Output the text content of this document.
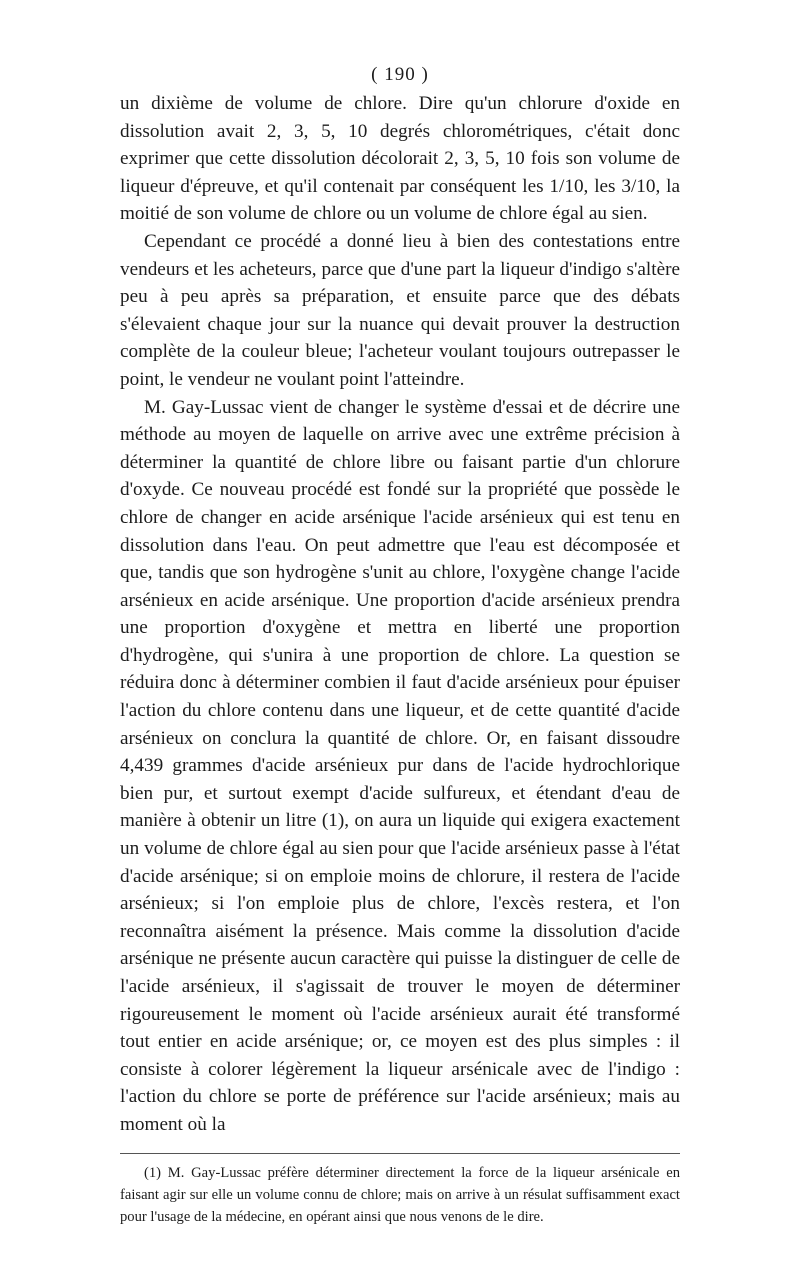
( 190 )

un dixième de volume de chlore. Dire qu'un chlorure d'oxide en dissolution avait 2, 3, 5, 10 degrés chlorométriques, c'était donc exprimer que cette dissolution décolorait 2, 3, 5, 10 fois son volume de liqueur d'épreuve, et qu'il contenait par conséquent les 1/10, les 3/10, la moitié de son volume de chlore ou un volume de chlore égal au sien.

Cependant ce procédé a donné lieu à bien des contestations entre vendeurs et les acheteurs, parce que d'une part la liqueur d'indigo s'altère peu à peu après sa préparation, et ensuite parce que des débats s'élevaient chaque jour sur la nuance qui devait prouver la destruction complète de la couleur bleue; l'acheteur voulant toujours outrepasser le point, le vendeur ne voulant point l'atteindre.

M. Gay-Lussac vient de changer le système d'essai et de décrire une méthode au moyen de laquelle on arrive avec une extrême précision à déterminer la quantité de chlore libre ou faisant partie d'un chlorure d'oxyde. Ce nouveau procédé est fondé sur la propriété que possède le chlore de changer en acide arsénique l'acide arsénieux qui est tenu en dissolution dans l'eau. On peut admettre que l'eau est décomposée et que, tandis que son hydrogène s'unit au chlore, l'oxygène change l'acide arsénieux en acide arsénique. Une proportion d'acide arsénieux prendra une proportion d'oxygène et mettra en liberté une proportion d'hydrogène, qui s'unira à une proportion de chlore. La question se réduira donc à déterminer combien il faut d'acide arsénieux pour épuiser l'action du chlore contenu dans une liqueur, et de cette quantité d'acide arsénieux on conclura la quantité de chlore. Or, en faisant dissoudre 4,439 grammes d'acide arsénieux pur dans de l'acide hydrochlorique bien pur, et surtout exempt d'acide sulfureux, et étendant d'eau de manière à obtenir un litre (1), on aura un liquide qui exigera exactement un volume de chlore égal au sien pour que l'acide arsénieux passe à l'état d'acide arsénique; si on emploie moins de chlorure, il restera de l'acide arsénieux; si l'on emploie plus de chlore, l'excès restera, et l'on reconnaîtra aisément la présence. Mais comme la dissolution d'acide arsénique ne présente aucun caractère qui puisse la distinguer de celle de l'acide arsénieux, il s'agissait de trouver le moyen de déterminer rigoureusement le moment où l'acide arsénieux aurait été transformé tout entier en acide arsénique; or, ce moyen est des plus simples : il consiste à colorer légèrement la liqueur arsénicale avec de l'indigo : l'action du chlore se porte de préférence sur l'acide arsénieux; mais au moment où la

(1) M. Gay-Lussac préfère déterminer directement la force de la liqueur arsénicale en faisant agir sur elle un volume connu de chlore; mais on arrive à un résulat suffisamment exact pour l'usage de la médecine, en opérant ainsi que nous venons de le dire.
